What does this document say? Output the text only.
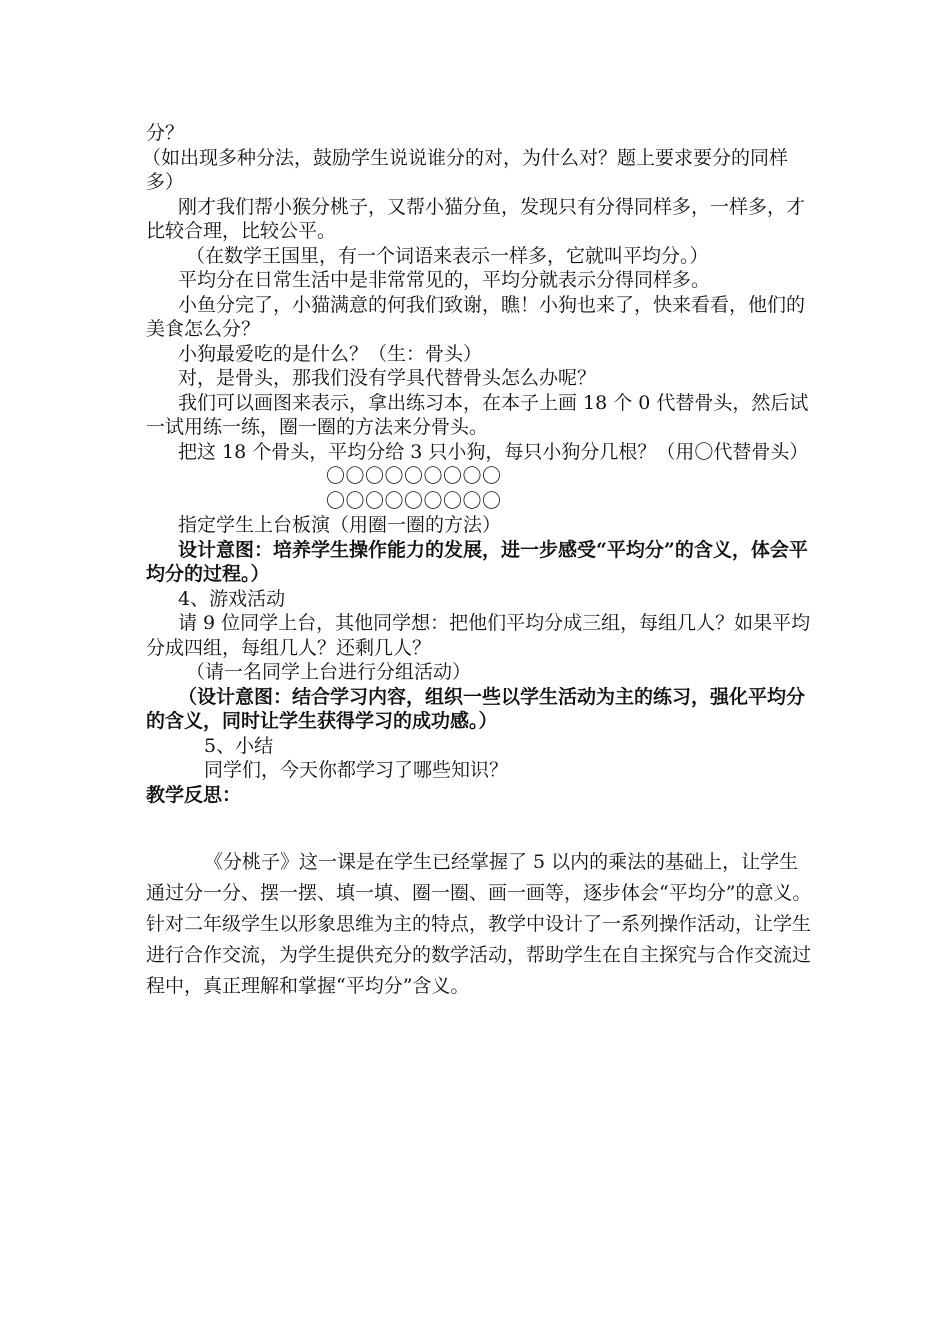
分？

（如出现多种分法，鼓励学生说说谁分的对，为什么对？题上要求要分的同样多）

刚才我们帮小猴分桃子，又帮小猫分鱼，发现只有分得同样多，一样多，才比较合理，比较公平。

（在数学王国里，有一个词语来表示一样多，它就叫平均分。）

平均分在日常生活中是非常常见的，平均分就表示分得同样多。

小鱼分完了，小猫满意的何我们致谢，瞧！小狗也来了，快来看看，他们的美食怎么分？

小狗最爱吃的是什么？（生：骨头）

对，是骨头，那我们没有学具代替骨头怎么办呢？

我们可以画图来表示，拿出练习本，在本子上画 18 个 0 代替骨头，然后试一试用练一练，圈一圈的方法来分骨头。

把这 18 个骨头，平均分给 3 只小狗，每只小狗分几根？（用〇代替骨头）

〇〇〇〇〇〇〇〇〇

〇〇〇〇〇〇〇〇〇

指定学生上台板演（用圈一圈的方法）

设计意图：培养学生操作能力的发展，进一步感受“平均分”的含义，体会平均分的过程。）

4、游戏活动

请 9 位同学上台，其他同学想：把他们平均分成三组，每组几人？如果平均分成四组，每组几人？还剩几人？

（请一名同学上台进行分组活动）

（设计意图：结合学习内容，组织一些以学生活动为主的练习，强化平均分的含义，同时让学生获得学习的成功感。）

5、小结

同学们，今天你都学习了哪些知识？

教学反思：

《分桃子》这一课是在学生已经掌握了 5 以内的乘法的基础上，让学生通过分一分、摆一摆、填一填、圈一圈、画一画等，逐步体会“平均分”的意义。针对二年级学生以形象思维为主的特点，教学中设计了一系列操作活动，让学生进行合作交流，为学生提供充分的数学活动，帮助学生在自主探究与合作交流过程中，真正理解和掌握“平均分”含义。
